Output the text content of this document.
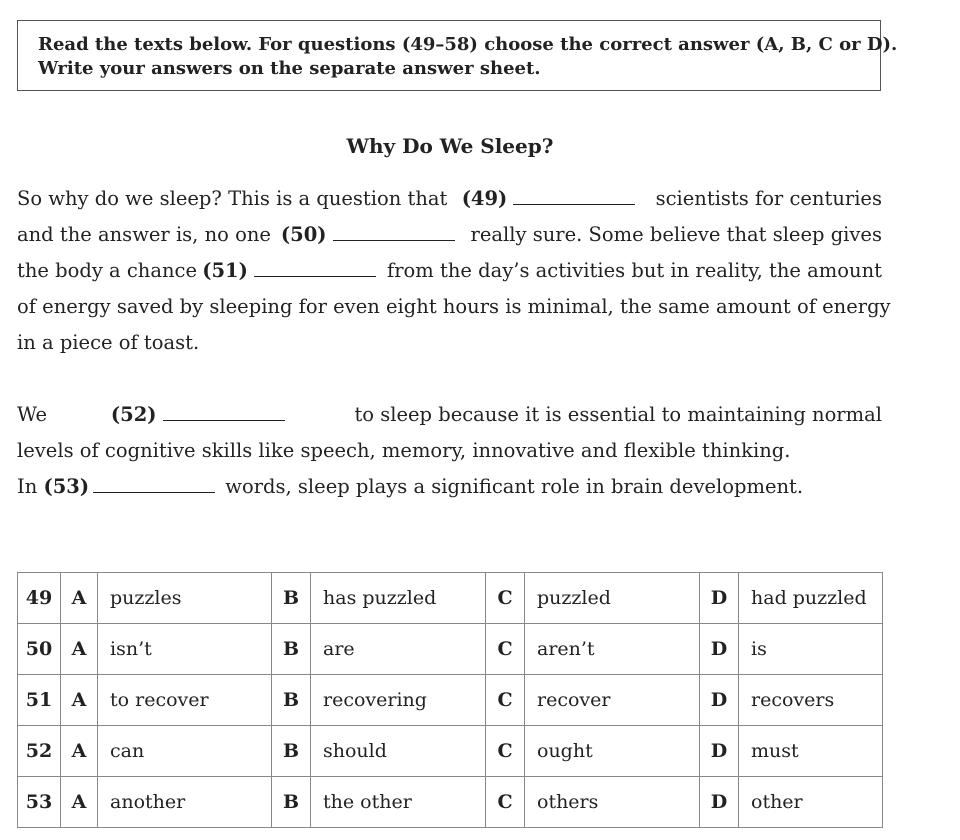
Read the texts below. For questions (49–58) choose the correct answer (A, B, C or D).
Write your answers on the separate answer sheet.
Why Do We Sleep?
So why do we sleep? This is a question that (49)	scientists for centuries
and the answer is, no one (50)	really sure. Some believe that sleep gives
the body a chance (51)	from the day’s activities but in reality, the amount
of energy saved by sleeping for even eight hours is minimal, the same amount of energy
in a piece of toast.
We	(52)	to sleep because it is essential to maintaining normal
levels of cognitive skills like speech, memory, innovative and flexible thinking.
In (53)	words, sleep plays a significant role in brain development.
49	A	puzzles	B	has puzzled	C	puzzled	D	had puzzled
50	A	isn’t	B	are	C	aren’t	D	is
51	A	to recover	B	recovering	C	recover	D	recovers
52	A	can	B	should	C	ought	D	must
53	A	another	B	the other	C	others	D	other
